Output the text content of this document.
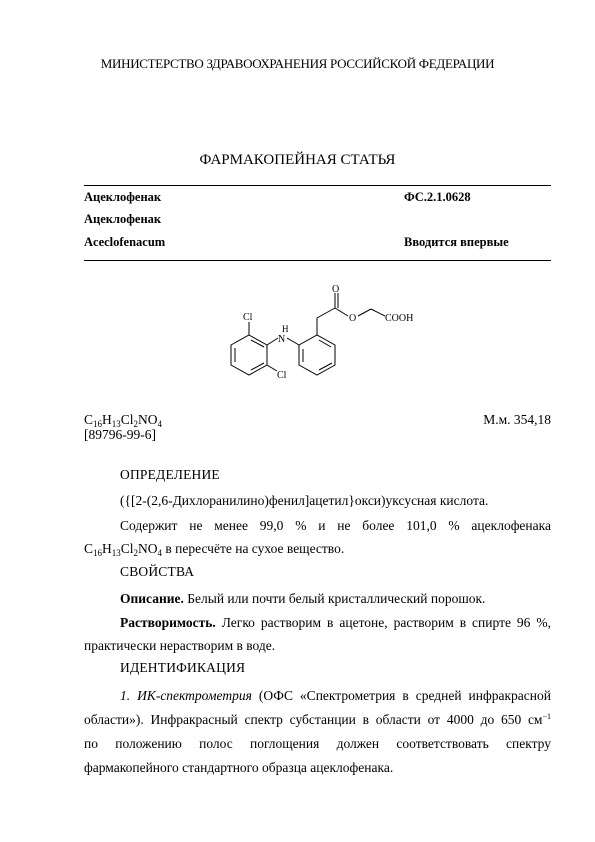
МИНИСТЕРСТВО ЗДРАВООХРАНЕНИЯ РОССИЙСКОЙ ФЕДЕРАЦИИ
ФАРМАКОПЕЙНАЯ СТАТЬЯ
Ацеклофенак	ФС.2.1.0628
Ацеклофенак
Aceclofenacum	Вводится впервые
Cl
Cl
N
H
O
O	COOH
$C_{16}H_{13}Cl_2NO_4$
[89796-99-6]
М.м. 354,18
ОПРЕДЕЛЕНИЕ
({[2-(2,6-Дихлоранилино)фенил]ацетил}окси)уксусная кислота.
Содержит не менее 99,0 % и не более 101,0 % ацеклофенака
$C_{16}H_{13}Cl_2NO_4$ в пересчёте на сухое вещество.
СВОЙСТВА
Описание. Белый или почти белый кристаллический порошок.
Растворимость. Легко растворим в ацетоне, растворим в спирте 96 %,
практически нерастворим в воде.
ИДЕНТИФИКАЦИЯ
1. ИК-спектрометрия (ОФС «Спектрометрия в средней инфракрасной
области»). Инфракрасный спектр субстанции в области от 4000 до 650 $см^{-1}$
по положению полос поглощения должен соответствовать спектру
фармакопейного стандартного образца ацеклофенака.
